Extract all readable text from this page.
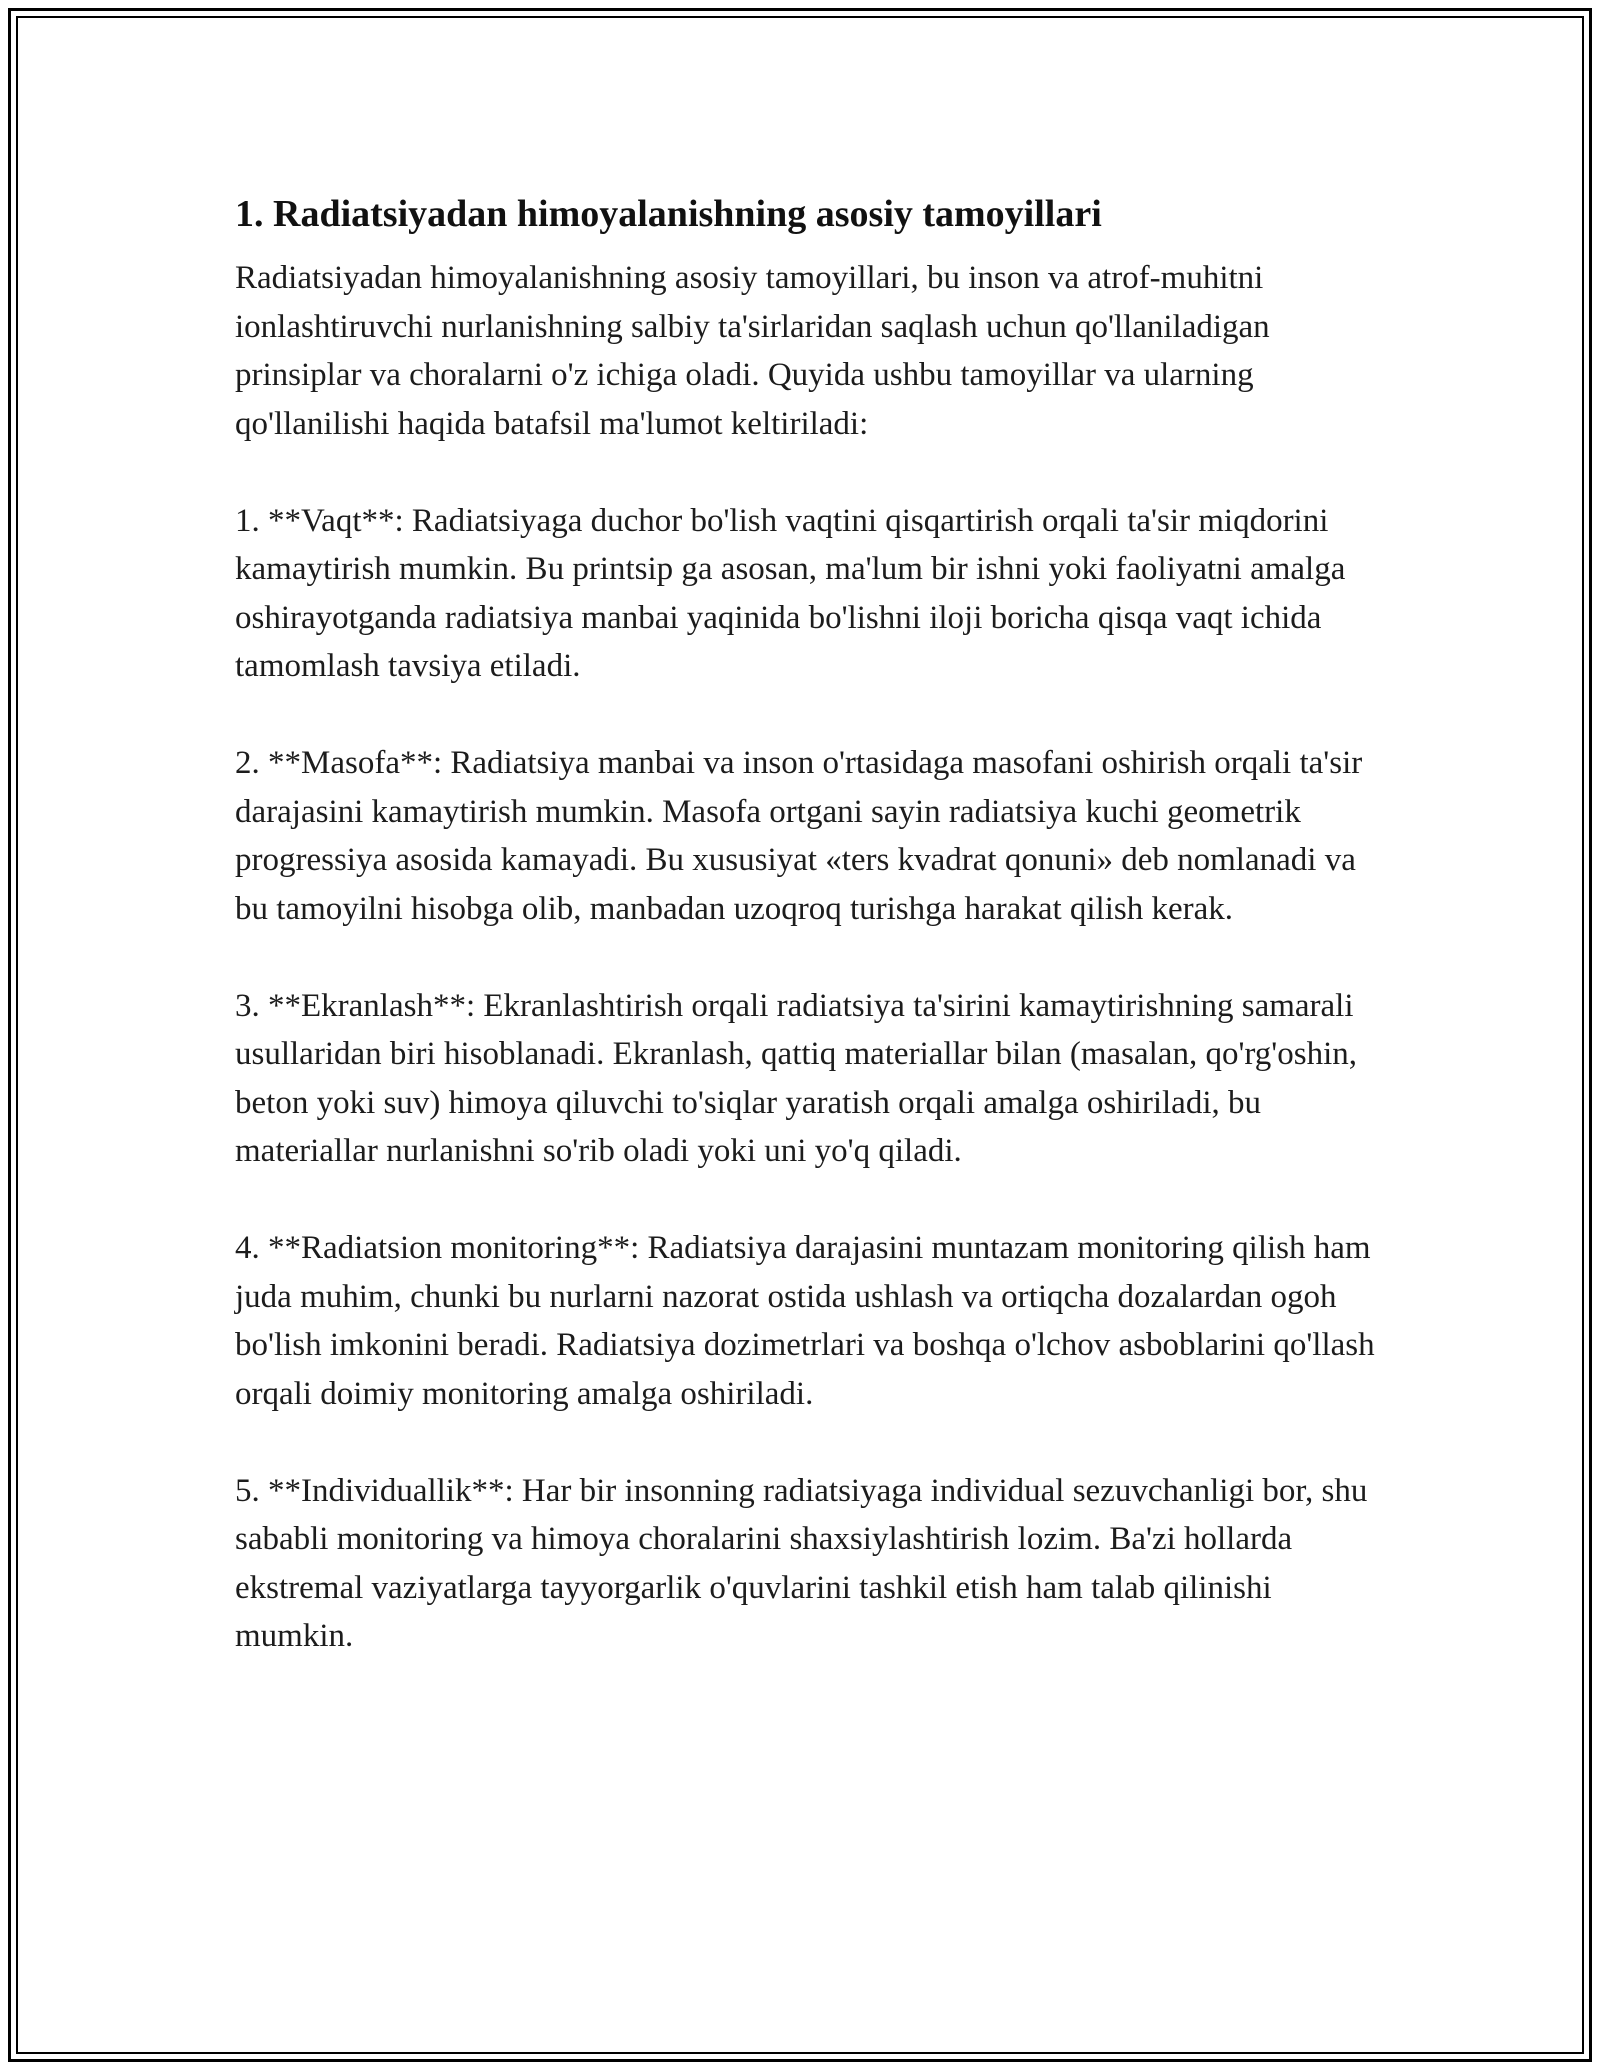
1. Radiatsiyadan himoyalanishning asosiy tamoyillari

Radiatsiyadan himoyalanishning asosiy tamoyillari, bu inson va atrof-muhitni ionlashtiruvchi nurlanishning salbiy ta'sirlaridan saqlash uchun qo'llaniladigan prinsiplar va choralarni o'z ichiga oladi. Quyida ushbu tamoyillar va ularning qo'llanilishi haqida batafsil ma'lumot keltiriladi:

1. **Vaqt**: Radiatsiyaga duchor bo'lish vaqtini qisqartirish orqali ta'sir miqdorini kamaytirish mumkin. Bu printsip ga asosan, ma'lum bir ishni yoki faoliyatni amalga oshirayotganda radiatsiya manbai yaqinida bo'lishni iloji boricha qisqa vaqt ichida tamomlash tavsiya etiladi.

2. **Masofa**: Radiatsiya manbai va inson o'rtasidaga masofani oshirish orqali ta'sir darajasini kamaytirish mumkin. Masofa ortgani sayin radiatsiya kuchi geometrik progressiya asosida kamayadi. Bu xususiyat «ters kvadrat qonuni» deb nomlanadi va bu tamoyilni hisobga olib, manbadan uzoqroq turishga harakat qilish kerak.

3. **Ekranlash**: Ekranlashtirish orqali radiatsiya ta'sirini kamaytirishning samarali usullaridan biri hisoblanadi. Ekranlash, qattiq materiallar bilan (masalan, qo'rg'oshin, beton yoki suv) himoya qiluvchi to'siqlar yaratish orqali amalga oshiriladi, bu materiallar nurlanishni so'rib oladi yoki uni yo'q qiladi.

4. **Radiatsion monitoring**: Radiatsiya darajasini muntazam monitoring qilish ham juda muhim, chunki bu nurlarni nazorat ostida ushlash va ortiqcha dozalardan ogoh bo'lish imkonini beradi. Radiatsiya dozimetrlari va boshqa o'lchov asboblarini qo'llash orqali doimiy monitoring amalga oshiriladi.

5. **Individuallik**: Har bir insonning radiatsiyaga individual sezuvchanligi bor, shu sababli monitoring va himoya choralarini shaxsiylashtirish lozim. Ba'zi hollarda ekstremal vaziyatlarga tayyorgarlik o'quvlarini tashkil etish ham talab qilinishi mumkin.
